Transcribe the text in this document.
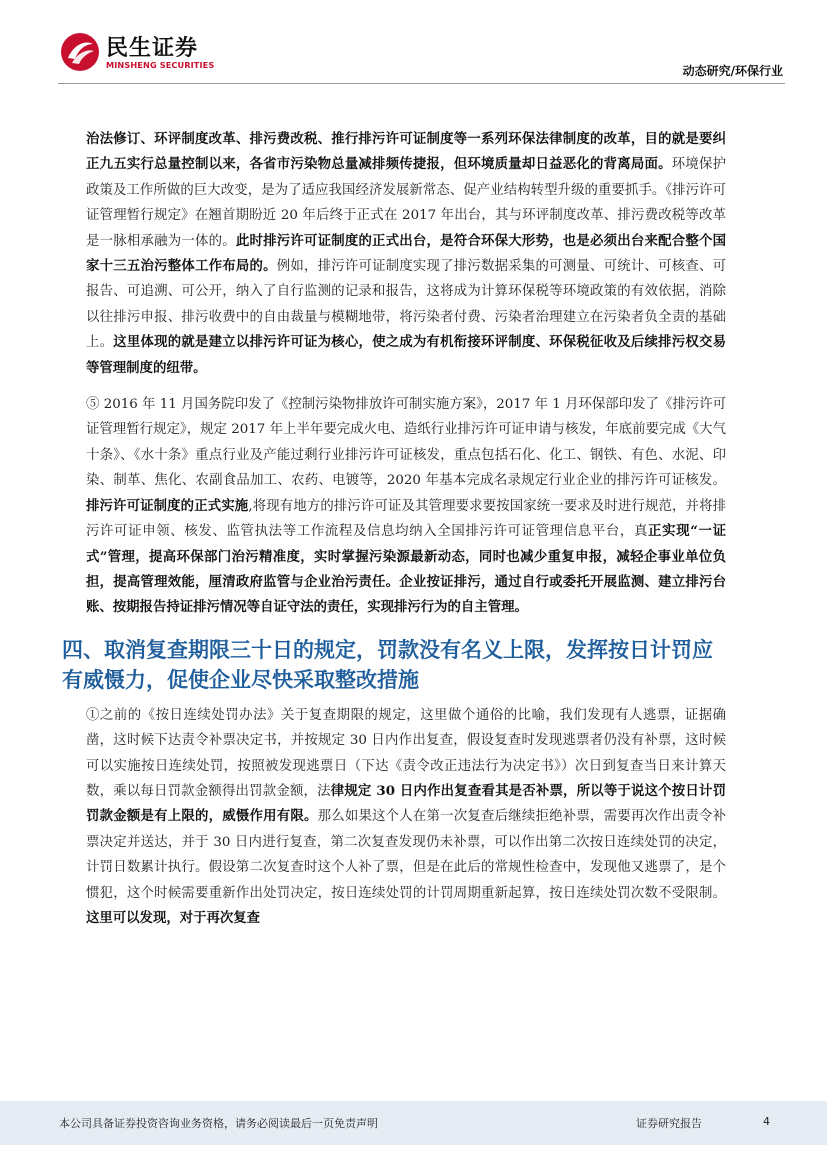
民生证券
MINSHENG SECURITIES	动态研究/环保行业

治法修订、环评制度改革、排污费改税、推行排污许可证制度等一系列环保法律制度的改革，目的就是要纠正九五实行总量控制以来，各省市污染物总量减排频传捷报，但环境质量却日益恶化的背离局面。环境保护政策及工作所做的巨大改变，是为了适应我国经济发展新常态、促产业结构转型升级的重要抓手。《排污许可证管理暂行规定》在翘首期盼近 20 年后终于正式在 2017 年出台，其与环评制度改革、排污费改税等改革是一脉相承融为一体的。此时排污许可证制度的正式出台，是符合环保大形势，也是必须出台来配合整个国家十三五治污整体工作布局的。例如，排污许可证制度实现了排污数据采集的可测量、可统计、可核查、可报告、可追溯、可公开，纳入了自行监测的记录和报告，这将成为计算环保税等环境政策的有效依据，消除以往排污申报、排污收费中的自由裁量与模糊地带，将污染者付费、污染者治理建立在污染者负全责的基础上。这里体现的就是建立以排污许可证为核心，使之成为有机衔接环评制度、环保税征收及后续排污权交易等管理制度的纽带。

⑤ 2016 年 11 月国务院印发了《控制污染物排放许可制实施方案》，2017 年 1 月环保部印发了《排污许可证管理暂行规定》，规定 2017 年上半年要完成火电、造纸行业排污许可证申请与核发，年底前要完成《大气十条》、《水十条》重点行业及产能过剩行业排污许可证核发，重点包括石化、化工、钢铁、有色、水泥、印染、制革、焦化、农副食品加工、农药、电镀等，2020 年基本完成名录规定行业企业的排污许可证核发。排污许可证制度的正式实施,将现有地方的排污许可证及其管理要求要按国家统一要求及时进行规范，并将排污许可证申领、核发、监管执法等工作流程及信息均纳入全国排污许可证管理信息平台，真正实现“一证式”管理，提高环保部门治污精准度，实时掌握污染源最新动态，同时也减少重复申报，减轻企事业单位负担，提高管理效能，厘清政府监管与企业治污责任。企业按证排污，通过自行或委托开展监测、建立排污台账、按期报告持证排污情况等自证守法的责任，实现排污行为的自主管理。

四、取消复查期限三十日的规定，罚款没有名义上限，发挥按日计罚应有威慑力，促使企业尽快采取整改措施

①之前的《按日连续处罚办法》关于复查期限的规定，这里做个通俗的比喻，我们发现有人逃票，证据确凿，这时候下达责令补票决定书，并按规定 30 日内作出复查，假设复查时发现逃票者仍没有补票，这时候可以实施按日连续处罚，按照被发现逃票日（下达《责令改正违法行为决定书》）次日到复查当日来计算天数，乘以每日罚款金额得出罚款金额，法律规定 30 日内作出复查看其是否补票，所以等于说这个按日计罚罚款金额是有上限的，威慑作用有限。那么如果这个人在第一次复查后继续拒绝补票，需要再次作出责令补票决定并送达，并于 30 日内进行复查，第二次复查发现仍未补票，可以作出第二次按日连续处罚的决定，计罚日数累计执行。假设第二次复查时这个人补了票，但是在此后的常规性检查中，发现他又逃票了，是个惯犯，这个时候需要重新作出处罚决定，按日连续处罚的计罚周期重新起算，按日连续处罚次数不受限制。这里可以发现，对于再次复查

本公司具备证券投资咨询业务资格，请务必阅读最后一页免责声明	证券研究报告	4
